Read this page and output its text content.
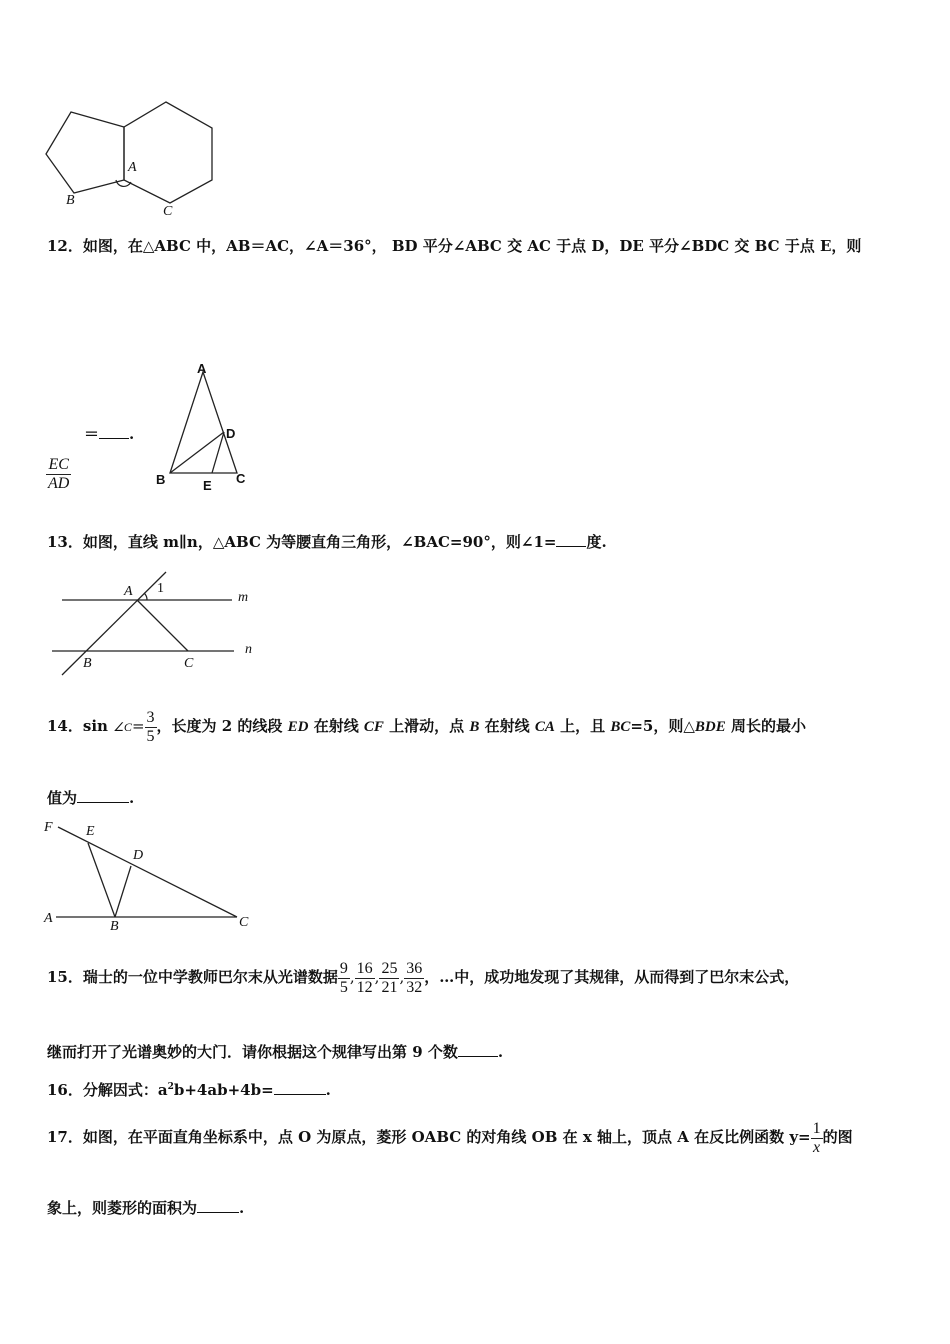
A
B
C
12．如图，在△ABC 中，AB＝AC，∠A＝36°， BD 平分∠ABC 交 AC 于点 D，DE 平分∠BDC 交 BC 于点 E，则
＝ .
$\frac{EC}{AD}$
A
B	C
D
E
13．如图，直线 m∥n，△ABC 为等腰直角三角形，∠BAC=90°，则∠1= 度.
A 1
m
n
B	C
14．sin ∠C= $\frac{3}{5}$ ，长度为 2 的线段 ED 在射线 CF 上滑动，点 B 在射线 CA 上，且 BC=5，则△BDE 周长的最小
值为	.
F E
D
A
B	C
15．瑞士的一位中学教师巴尔末从光谱数据 $\frac{9}{5}$ , $\frac{16}{12}$ , $\frac{25}{21}$ , $\frac{36}{32}$ ，…中，成功地发现了其规律，从而得到了巴尔末公式，
继而打开了光谱奥妙的大门．请你根据这个规律写出第 9 个数	.
16．分解因式：$a^2b+4ab+4b=$	.
17．如图，在平面直角坐标系中，点 O 为原点，菱形 OABC 的对角线 OB 在 x 轴上，顶点 A 在反比例函数 $y= \frac{1}{x}$ 的图
象上，则菱形的面积为	.
